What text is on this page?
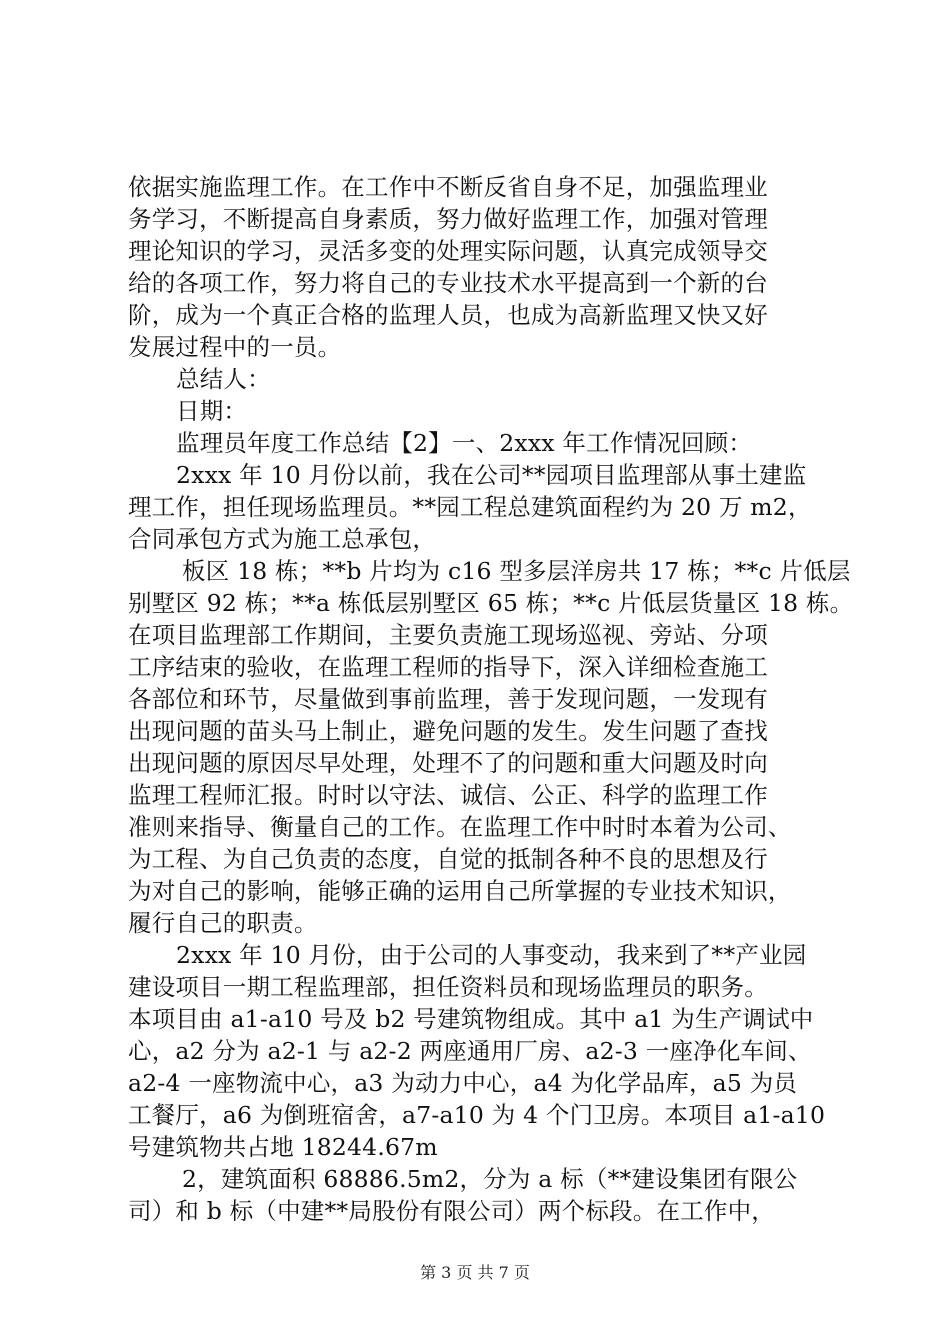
依据实施监理工作。在工作中不断反省自身不足，加强监理业
务学习，不断提高自身素质，努力做好监理工作，加强对管理
理论知识的学习，灵活多变的处理实际问题，认真完成领导交
给的各项工作，努力将自己的专业技术水平提高到一个新的台
阶，成为一个真正合格的监理人员，也成为高新监理又快又好
发展过程中的一员。
总结人：
日期：
监理员年度工作总结【2】一、2xxx 年工作情况回顾：
2xxx 年 10 月份以前，我在公司**园项目监理部从事土建监
理工作，担任现场监理员。**园工程总建筑面程约为 20 万 m2，
合同承包方式为施工总承包，
板区 18 栋；**b 片均为 c16 型多层洋房共 17 栋；**c 片低层
别墅区 92 栋；**a 栋低层别墅区 65 栋；**c 片低层货量区 18 栋。
在项目监理部工作期间，主要负责施工现场巡视、旁站、分项
工序结束的验收，在监理工程师的指导下，深入详细检查施工
各部位和环节，尽量做到事前监理，善于发现问题，一发现有
出现问题的苗头马上制止，避免问题的发生。发生问题了查找
出现问题的原因尽早处理，处理不了的问题和重大问题及时向
监理工程师汇报。时时以守法、诚信、公正、科学的监理工作
准则来指导、衡量自己的工作。在监理工作中时时本着为公司、
为工程、为自己负责的态度，自觉的抵制各种不良的思想及行
为对自己的影响，能够正确的运用自己所掌握的专业技术知识，
履行自己的职责。
2xxx 年 10 月份，由于公司的人事变动，我来到了**产业园
建设项目一期工程监理部，担任资料员和现场监理员的职务。
本项目由 a1-a10 号及 b2 号建筑物组成。其中 a1 为生产调试中
心，a2 分为 a2-1 与 a2-2 两座通用厂房、a2-3 一座净化车间、
a2-4 一座物流中心，a3 为动力中心，a4 为化学品库，a5 为员
工餐厅，a6 为倒班宿舍，a7-a10 为 4 个门卫房。本项目 a1-a10
号建筑物共占地 18244.67m
2，建筑面积 68886.5m2，分为 a 标（**建设集团有限公
司）和 b 标（中建**局股份有限公司）两个标段。在工作中，
第 3 页 共 7 页
